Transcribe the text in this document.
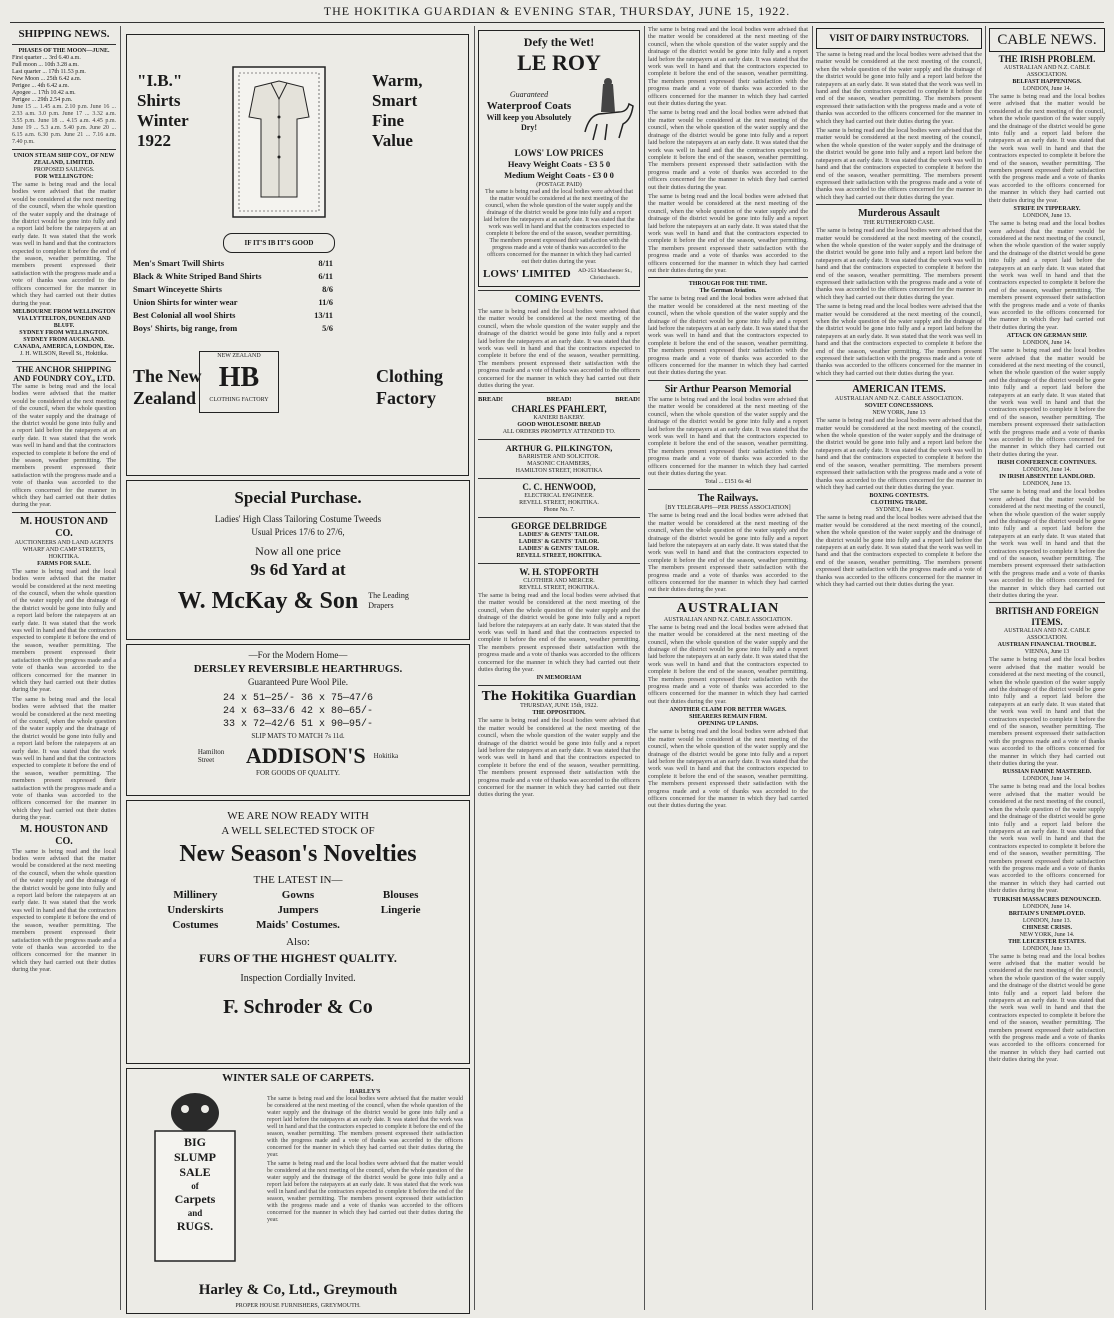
THE HOKITIKA GUARDIAN & EVENING STAR, THURSDAY, JUNE 15, 1922.
SHIPPING NEWS.
PHASES OF THE MOON—JUNE.
First quarter ... 3rd 6.40 a.m.
Full moon ... 10th 3.28 a.m.
Last quarter ... 17th 11.53 p.m.
New Moon ... 25th 6.42 a.m.
Perigee ... 4th 6.42 a.m.
Apogee ... 17th 10.42 a.m.
Perigee ... 29th 2.54 p.m.

June 15 ... 1.45 a.m. 2.10 p.m. June 16 ... 2.33 a.m. 3.0 p.m. June 17 ... 3.32 a.m. 3.55 p.m. June 18 ... 4.15 a.m. 4.45 p.m. June 19 ... 5.3 a.m. 5.40 p.m. June 20 ... 6.15 a.m. 6.30 p.m. June 21 ... 7.16 a.m. 7.40 p.m.

UNION STEAM SHIP COY., OF NEW ZEALAND, LIMITED.
PROPOSED SAILINGS.
FOR WELLINGTON:

The same is being read and the local bodies were advised that the matter would be considered at the next meeting of the council, when the whole question of the water supply and the drainage of the district would be gone into fully and a report laid before the ratepayers at an early date. It was stated that the work was well in hand and that the contractors expected to complete it before the end of the season, weather permitting. The members present expressed their satisfaction with the progress made and a vote of thanks was accorded to the officers concerned for the manner in which they had carried out their duties during the year.

MELBOURNE FROM WELLINGTON VIA LYTTELTON, DUNEDIN AND BLUFF.
SYDNEY FROM WELLINGTON.
SYDNEY FROM AUCKLAND.
CANADA, AMERICA, LONDON, Etc.
J. H. WILSON, Revell St., Hokitika.
THE ANCHOR SHIPPING AND FOUNDRY COY., LTD.

The same is being read and the local bodies were advised that the matter would be considered at the next meeting of the council, when the whole question of the water supply and the drainage of the district would be gone into fully and a report laid before the ratepayers at an early date. It was stated that the work was well in hand and that the contractors expected to complete it before the end of the season, weather permitting. The members present expressed their satisfaction with the progress made and a vote of thanks was accorded to the officers concerned for the manner in which they had carried out their duties during the year.

M. HOUSTON AND CO.
AUCTIONEERS AND LAND AGENTS
WHARF AND CAMP STREETS, HOKITIKA.
FARMS FOR SALE.

The same is being read and the local bodies were advised that the matter would be considered at the next meeting of the council, when the whole question of the water supply and the drainage of the district would be gone into fully and a report laid before the ratepayers at an early date. It was stated that the work was well in hand and that the contractors expected to complete it before the end of the season, weather permitting. The members present expressed their satisfaction with the progress made and a vote of thanks was accorded to the officers concerned for the manner in which they had carried out their duties during the year.

The same is being read and the local bodies were advised that the matter would be considered at the next meeting of the council, when the whole question of the water supply and the drainage of the district would be gone into fully and a report laid before the ratepayers at an early date. It was stated that the work was well in hand and that the contractors expected to complete it before the end of the season, weather permitting. The members present expressed their satisfaction with the progress made and a vote of thanks was accorded to the officers concerned for the manner in which they had carried out their duties during the year.

M. HOUSTON AND CO.

The same is being read and the local bodies were advised that the matter would be considered at the next meeting of the council, when the whole question of the water supply and the drainage of the district would be gone into fully and a report laid before the ratepayers at an early date. It was stated that the work was well in hand and that the contractors expected to complete it before the end of the season, weather permitting. The members present expressed their satisfaction with the progress made and a vote of thanks was accorded to the officers concerned for the manner in which they had carried out their duties during the year.

"I.B."
Shirts
Winter
1922
IF IT'S IB IT'S GOOD
Men's Smart Twill Shirts	8/11
Black & White Striped Band Shirts	6/11
Smart Winceyette Shirts	8/6
Union Shirts for winter wear	11/6
Best Colonial all wool Shirts	13/11
Boys' Shirts, big range, from	5/6
The New
Zealand
NEW ZEALAND
HB
CLOTHING FACTORY
Warm,
Smart
Fine
Value
Clothing
Factory
Special Purchase.
Ladies' High Class Tailoring Costume Tweeds
Usual Prices 17/6 to 27/6,
Now all one price
9s 6d Yard at
W. McKay & Son The Leading Drapers
—For the Modern Home—
DERSLEY REVERSIBLE HEARTHRUGS.
Guaranteed Pure Wool Pile.
24 x 51—25/- 36 x 75—47/6
24 x 63—33/6 42 x 80—65/-
33 x 72—42/6 51 x 90—95/-
SLIP MATS TO MATCH 7s 11d.
Hamilton Street	ADDISON'S Hokitika
FOR GOODS OF QUALITY.
WE ARE NOW READY WITH
A WELL SELECTED STOCK OF
New Season's Novelties
THE LATEST IN—
Millinery	Gowns	Blouses
Underskirts	Jumpers	Lingerie
Costumes	Maids' Costumes.
Also:
FURS OF THE HIGHEST QUALITY.
Inspection Cordially Invited.
F. Schroder & Co
WINTER SALE OF CARPETS.
BIG
SLUMP
SALE
of
Carpets
and
RUGS.
HARLEY'S

The same is being read and the local bodies were advised that the matter would be considered at the next meeting of the council, when the whole question of the water supply and the drainage of the district would be gone into fully and a report laid before the ratepayers at an early date. It was stated that the work was well in hand and that the contractors expected to complete it before the end of the season, weather permitting. The members present expressed their satisfaction with the progress made and a vote of thanks was accorded to the officers concerned for the manner in which they had carried out their duties during the year.

The same is being read and the local bodies were advised that the matter would be considered at the next meeting of the council, when the whole question of the water supply and the drainage of the district would be gone into fully and a report laid before the ratepayers at an early date. It was stated that the work was well in hand and that the contractors expected to complete it before the end of the season, weather permitting. The members present expressed their satisfaction with the progress made and a vote of thanks was accorded to the officers concerned for the manner in which they had carried out their duties during the year.

Harley & Co, Ltd., Greymouth
PROPER HOUSE FURNISHERS, GREYMOUTH.
Defy the Wet!
LE ROY
Guaranteed
Waterproof Coats
Will keep you Absolutely Dry!
LOWS' LOW PRICES
Heavy Weight Coats - £3 5 0
Medium Weight Coats - £3 0 0
(POSTAGE PAID)

The same is being read and the local bodies were advised that the matter would be considered at the next meeting of the council, when the whole question of the water supply and the drainage of the district would be gone into fully and a report laid before the ratepayers at an early date. It was stated that the work was well in hand and that the contractors expected to complete it before the end of the season, weather permitting. The members present expressed their satisfaction with the progress made and a vote of thanks was accorded to the officers concerned for the manner in which they had carried out their duties during the year.

LOWS' LIMITED	AD-253 Manchester St., Christchurch.
COMING EVENTS.

The same is being read and the local bodies were advised that the matter would be considered at the next meeting of the council, when the whole question of the water supply and the drainage of the district would be gone into fully and a report laid before the ratepayers at an early date. It was stated that the work was well in hand and that the contractors expected to complete it before the end of the season, weather permitting. The members present expressed their satisfaction with the progress made and a vote of thanks was accorded to the officers concerned for the manner in which they had carried out their duties during the year.

BREAD!	BREAD!	BREAD!
CHARLES PFAHLERT,
KANIERI BAKERY.
GOOD WHOLESOME BREAD
ALL ORDERS PROMPTLY ATTENDED TO.
ARTHUR G. PILKINGTON,
BARRISTER AND SOLICITOR.
MASONIC CHAMBERS,
HAMILTON STREET, HOKITIKA
C. C. HENWOOD,
ELECTRICAL ENGINEER.
REVELL STREET, HOKITIKA.
Phone No. 7.
GEORGE DELBRIDGE
LADIES' & GENTS' TAILOR.
LADIES' & GENTS' TAILOR.
LADIES' & GENTS' TAILOR.
REVELL STREET, HOKITIKA.
W. H. STOPFORTH
CLOTHIER AND MERCER.
REVELL STREET, HOKITIKA.

The same is being read and the local bodies were advised that the matter would be considered at the next meeting of the council, when the whole question of the water supply and the drainage of the district would be gone into fully and a report laid before the ratepayers at an early date. It was stated that the work was well in hand and that the contractors expected to complete it before the end of the season, weather permitting. The members present expressed their satisfaction with the progress made and a vote of thanks was accorded to the officers concerned for the manner in which they had carried out their duties during the year.

IN MEMORIAM
The Hokitika Guardian
THURSDAY, JUNE 15th, 1922.
THE OPPOSITION.

The same is being read and the local bodies were advised that the matter would be considered at the next meeting of the council, when the whole question of the water supply and the drainage of the district would be gone into fully and a report laid before the ratepayers at an early date. It was stated that the work was well in hand and that the contractors expected to complete it before the end of the season, weather permitting. The members present expressed their satisfaction with the progress made and a vote of thanks was accorded to the officers concerned for the manner in which they had carried out their duties during the year.

The same is being read and the local bodies were advised that the matter would be considered at the next meeting of the council, when the whole question of the water supply and the drainage of the district would be gone into fully and a report laid before the ratepayers at an early date. It was stated that the work was well in hand and that the contractors expected to complete it before the end of the season, weather permitting. The members present expressed their satisfaction with the progress made and a vote of thanks was accorded to the officers concerned for the manner in which they had carried out their duties during the year.

The same is being read and the local bodies were advised that the matter would be considered at the next meeting of the council, when the whole question of the water supply and the drainage of the district would be gone into fully and a report laid before the ratepayers at an early date. It was stated that the work was well in hand and that the contractors expected to complete it before the end of the season, weather permitting. The members present expressed their satisfaction with the progress made and a vote of thanks was accorded to the officers concerned for the manner in which they had carried out their duties during the year.

The same is being read and the local bodies were advised that the matter would be considered at the next meeting of the council, when the whole question of the water supply and the drainage of the district would be gone into fully and a report laid before the ratepayers at an early date. It was stated that the work was well in hand and that the contractors expected to complete it before the end of the season, weather permitting. The members present expressed their satisfaction with the progress made and a vote of thanks was accorded to the officers concerned for the manner in which they had carried out their duties during the year.

THROUGH FOR THE TIME.
The German Aviation.

The same is being read and the local bodies were advised that the matter would be considered at the next meeting of the council, when the whole question of the water supply and the drainage of the district would be gone into fully and a report laid before the ratepayers at an early date. It was stated that the work was well in hand and that the contractors expected to complete it before the end of the season, weather permitting. The members present expressed their satisfaction with the progress made and a vote of thanks was accorded to the officers concerned for the manner in which they had carried out their duties during the year.

Sir Arthur Pearson Memorial

The same is being read and the local bodies were advised that the matter would be considered at the next meeting of the council, when the whole question of the water supply and the drainage of the district would be gone into fully and a report laid before the ratepayers at an early date. It was stated that the work was well in hand and that the contractors expected to complete it before the end of the season, weather permitting. The members present expressed their satisfaction with the progress made and a vote of thanks was accorded to the officers concerned for the manner in which they had carried out their duties during the year.

Total ... £151 6s 4d
The Railways.
[BY TELEGRAPH—PER PRESS ASSOCIATION]

The same is being read and the local bodies were advised that the matter would be considered at the next meeting of the council, when the whole question of the water supply and the drainage of the district would be gone into fully and a report laid before the ratepayers at an early date. It was stated that the work was well in hand and that the contractors expected to complete it before the end of the season, weather permitting. The members present expressed their satisfaction with the progress made and a vote of thanks was accorded to the officers concerned for the manner in which they had carried out their duties during the year.

AUSTRALIAN
AUSTRALIAN AND N.Z. CABLE ASSOCIATION.

The same is being read and the local bodies were advised that the matter would be considered at the next meeting of the council, when the whole question of the water supply and the drainage of the district would be gone into fully and a report laid before the ratepayers at an early date. It was stated that the work was well in hand and that the contractors expected to complete it before the end of the season, weather permitting. The members present expressed their satisfaction with the progress made and a vote of thanks was accorded to the officers concerned for the manner in which they had carried out their duties during the year.

ANOTHER CLAIM FOR BETTER WAGES.
SHEARERS REMAIN FIRM.
OPENING UP LANDS.

The same is being read and the local bodies were advised that the matter would be considered at the next meeting of the council, when the whole question of the water supply and the drainage of the district would be gone into fully and a report laid before the ratepayers at an early date. It was stated that the work was well in hand and that the contractors expected to complete it before the end of the season, weather permitting. The members present expressed their satisfaction with the progress made and a vote of thanks was accorded to the officers concerned for the manner in which they had carried out their duties during the year.

VISIT OF DAIRY INSTRUCTORS.

The same is being read and the local bodies were advised that the matter would be considered at the next meeting of the council, when the whole question of the water supply and the drainage of the district would be gone into fully and a report laid before the ratepayers at an early date. It was stated that the work was well in hand and that the contractors expected to complete it before the end of the season, weather permitting. The members present expressed their satisfaction with the progress made and a vote of thanks was accorded to the officers concerned for the manner in which they had carried out their duties during the year.

The same is being read and the local bodies were advised that the matter would be considered at the next meeting of the council, when the whole question of the water supply and the drainage of the district would be gone into fully and a report laid before the ratepayers at an early date. It was stated that the work was well in hand and that the contractors expected to complete it before the end of the season, weather permitting. The members present expressed their satisfaction with the progress made and a vote of thanks was accorded to the officers concerned for the manner in which they had carried out their duties during the year.

Murderous Assault
THE RUTHERFORD CASE.

The same is being read and the local bodies were advised that the matter would be considered at the next meeting of the council, when the whole question of the water supply and the drainage of the district would be gone into fully and a report laid before the ratepayers at an early date. It was stated that the work was well in hand and that the contractors expected to complete it before the end of the season, weather permitting. The members present expressed their satisfaction with the progress made and a vote of thanks was accorded to the officers concerned for the manner in which they had carried out their duties during the year.

The same is being read and the local bodies were advised that the matter would be considered at the next meeting of the council, when the whole question of the water supply and the drainage of the district would be gone into fully and a report laid before the ratepayers at an early date. It was stated that the work was well in hand and that the contractors expected to complete it before the end of the season, weather permitting. The members present expressed their satisfaction with the progress made and a vote of thanks was accorded to the officers concerned for the manner in which they had carried out their duties during the year.

AMERICAN ITEMS.
AUSTRALIAN AND N.Z. CABLE ASSOCIATION.
SOVIET CONCESSIONS.
NEW YORK, June 13

The same is being read and the local bodies were advised that the matter would be considered at the next meeting of the council, when the whole question of the water supply and the drainage of the district would be gone into fully and a report laid before the ratepayers at an early date. It was stated that the work was well in hand and that the contractors expected to complete it before the end of the season, weather permitting. The members present expressed their satisfaction with the progress made and a vote of thanks was accorded to the officers concerned for the manner in which they had carried out their duties during the year.

BOXING CONTESTS.
CLOTHING TRADE.
SYDNEY, June 14.

The same is being read and the local bodies were advised that the matter would be considered at the next meeting of the council, when the whole question of the water supply and the drainage of the district would be gone into fully and a report laid before the ratepayers at an early date. It was stated that the work was well in hand and that the contractors expected to complete it before the end of the season, weather permitting. The members present expressed their satisfaction with the progress made and a vote of thanks was accorded to the officers concerned for the manner in which they had carried out their duties during the year.

CABLE NEWS.
THE IRISH PROBLEM.
AUSTRALIAN AND N.Z. CABLE ASSOCIATION.
BELFAST HAPPENINGS.
LONDON, June 14.

The same is being read and the local bodies were advised that the matter would be considered at the next meeting of the council, when the whole question of the water supply and the drainage of the district would be gone into fully and a report laid before the ratepayers at an early date. It was stated that the work was well in hand and that the contractors expected to complete it before the end of the season, weather permitting. The members present expressed their satisfaction with the progress made and a vote of thanks was accorded to the officers concerned for the manner in which they had carried out their duties during the year.

STRIFE IN TIPPERARY.
LONDON, June 13.

The same is being read and the local bodies were advised that the matter would be considered at the next meeting of the council, when the whole question of the water supply and the drainage of the district would be gone into fully and a report laid before the ratepayers at an early date. It was stated that the work was well in hand and that the contractors expected to complete it before the end of the season, weather permitting. The members present expressed their satisfaction with the progress made and a vote of thanks was accorded to the officers concerned for the manner in which they had carried out their duties during the year.

ATTACK ON GERMAN SHIP.
LONDON, June 14.

The same is being read and the local bodies were advised that the matter would be considered at the next meeting of the council, when the whole question of the water supply and the drainage of the district would be gone into fully and a report laid before the ratepayers at an early date. It was stated that the work was well in hand and that the contractors expected to complete it before the end of the season, weather permitting. The members present expressed their satisfaction with the progress made and a vote of thanks was accorded to the officers concerned for the manner in which they had carried out their duties during the year.

IRISH CONFERENCE CONTINUES.
LONDON, June 14.
IN IRISH ABSENTEE LANDLORD.
LONDON, June 13.

The same is being read and the local bodies were advised that the matter would be considered at the next meeting of the council, when the whole question of the water supply and the drainage of the district would be gone into fully and a report laid before the ratepayers at an early date. It was stated that the work was well in hand and that the contractors expected to complete it before the end of the season, weather permitting. The members present expressed their satisfaction with the progress made and a vote of thanks was accorded to the officers concerned for the manner in which they had carried out their duties during the year.

BRITISH AND FOREIGN ITEMS.
AUSTRALIAN AND N.Z. CABLE ASSOCIATION.
AUSTRIAN FINANCIAL TROUBLE.
VIENNA, June 13

The same is being read and the local bodies were advised that the matter would be considered at the next meeting of the council, when the whole question of the water supply and the drainage of the district would be gone into fully and a report laid before the ratepayers at an early date. It was stated that the work was well in hand and that the contractors expected to complete it before the end of the season, weather permitting. The members present expressed their satisfaction with the progress made and a vote of thanks was accorded to the officers concerned for the manner in which they had carried out their duties during the year.

RUSSIAN FAMINE MASTERED.
LONDON, June 14.

The same is being read and the local bodies were advised that the matter would be considered at the next meeting of the council, when the whole question of the water supply and the drainage of the district would be gone into fully and a report laid before the ratepayers at an early date. It was stated that the work was well in hand and that the contractors expected to complete it before the end of the season, weather permitting. The members present expressed their satisfaction with the progress made and a vote of thanks was accorded to the officers concerned for the manner in which they had carried out their duties during the year.

TURKISH MASSACRES DENOUNCED.
LONDON, June 14.
BRITAIN'S UNEMPLOYED.
LONDON, June 13.
CHINESE CRISIS.
NEW YORK, June 14.
THE LEICESTER ESTATES.
LONDON, June 13.

The same is being read and the local bodies were advised that the matter would be considered at the next meeting of the council, when the whole question of the water supply and the drainage of the district would be gone into fully and a report laid before the ratepayers at an early date. It was stated that the work was well in hand and that the contractors expected to complete it before the end of the season, weather permitting. The members present expressed their satisfaction with the progress made and a vote of thanks was accorded to the officers concerned for the manner in which they had carried out their duties during the year.
